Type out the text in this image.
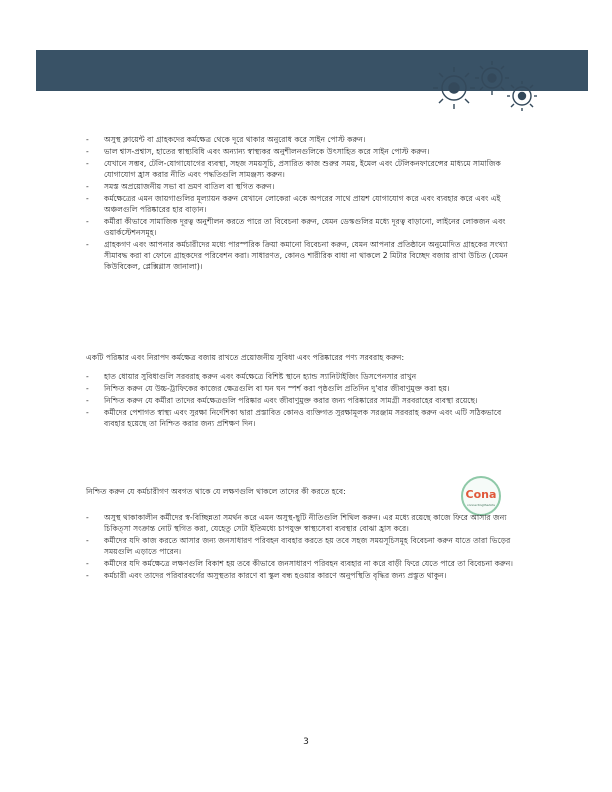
- অসুস্থ ক্লায়েন্ট বা গ্রাহকদের কর্মক্ষেত্র থেকে দূরে থাকার অনুরোধ করে সাইন পোস্ট করুন।
- ভাল শ্বাস-প্রশ্বাস, হাতের স্বাস্থ্যবিধি এবং অন্যান্য স্বাস্থ্যকর অনুশীলনগুলিকে উৎসাহিত করে সাইন পোস্ট করুন।
- যেখানে সম্ভব, টেলি-যোগাযোগের ব্যবস্থা, সহজ সময়সূচি, প্রসারিত কাজ শুরুর সময়, ইমেল এবং টেলিকনফারেন্সের মাধ্যমে সামাজিক যোগাযোগ হ্রাস করার নীতি এবং পদ্ধতিগুলি সামঞ্জস্য করুন।
- সমস্ত অপ্রয়োজনীয় সভা বা ভ্রমণ বাতিল বা স্থগিত করুন।
- কর্মক্ষেত্রের এমন জায়গাগুলির মূল্যায়ন করুন যেখানে লোকেরা একে অপরের সাথে প্রায়শ যোগাযোগ করে এবং ব্যবহার করে এবং এই অঞ্চলগুলি পরিষ্কারের হার বাড়ান।
- কর্মীরা কীভাবে সামাজিক দূরত্ব অনুশীলন করতে পারে তা বিবেচনা করুন, যেমন ডেস্কগুলির মধ্যে দূরত্ব বাড়ানো, লাইনের লোকজন এবং ওয়ার্কস্টেশনসমূহ।
- গ্রাহকগণ এবং আপনার কর্মচারীদের মধ্যে পারস্পরিক ক্রিয়া কমানো বিবেচনা করুন, যেমন আপনার প্রতিষ্ঠানে অনুমোদিত গ্রাহকের সংখ্যা সীমাবদ্ধ করা বা ফোনে গ্রাহকদের পরিবেশন করা। সাধারণত, কোনও শারীরিক বাধা না থাকলে 2 মিটার বিচ্ছেদ বজায় রাখা উচিত (যেমন কিউবিকেল, প্লেক্সিগ্লাস জানালা)।

একটি পরিষ্কার এবং নিরাপদ কর্মক্ষেত্র বজায় রাখতে প্রয়োজনীয় সুবিধা এবং পরিষ্কারের পণ্য সরবরাহ করুন:

- হাত ধোয়ার সুবিধাগুলি সরবরাহ করুন এবং কর্মক্ষেত্রে বিশিষ্ট স্থানে হ্যান্ড স্যানিটাইজিং ডিসপেনসার রাখুন
- নিশ্চিত করুন যে উচ্চ-ট্রাফিকের কাজের ক্ষেত্রগুলি বা ঘন ঘন স্পর্শ করা পৃষ্ঠগুলি প্রতিদিন দু'বার জীবাণুমুক্ত করা হয়।
- নিশ্চিত করুন যে কর্মীরা তাদের কর্মক্ষেত্রগুলি পরিষ্কার এবং জীবাণুমুক্ত করার জন্য পরিষ্কারের সামগ্রী সরবরাহের ব্যবস্থা রয়েছে।
- কর্মীদের পেশাগত স্বাস্থ্য এবং সুরক্ষা নির্দেশিকা দ্বারা প্রস্তাবিত কোনও ব্যক্তিগত সুরক্ষামূলক সরঞ্জাম সরবরাহ করুন এবং এটি সঠিকভাবে ব্যবহার হয়েছে তা নিশ্চিত করার জন্য প্রশিক্ষণ দিন।

নিশ্চিত করুন যে কর্মচারীগণ অবগত থাকে যে লক্ষণগুলি থাকলে তাদের কী করতে হবে:	Cona
connectingthedots
- অসুস্থ থাকাকালীন কর্মীদের স্ব-বিচ্ছিন্নতা সমর্থন করে এমন অসুস্থ-ছুটি নীতিগুলি শিথিল করুন। এর মধ্যে রয়েছে কাজে ফিরে আসার জন্য চিকিত্সা সংক্রান্ত নোট স্থগিত করা, যেহেতু সেটা ইতিমধ্যে চাপযুক্ত স্বাস্থ্যসেবা ব্যবস্থার বোঝা হ্রাস করে।
- কর্মীদের যদি কাজ করতে আসার জন্য জনসাধারণ পরিবহন ব্যবহার করতে হয় তবে সহজ সময়সূচিসমূহ বিবেচনা করুন যাতে তারা ভিড়ের সময়গুলি এড়াতে পারেন।
- কর্মীদের যদি কর্মক্ষেত্রে লক্ষণগুলি বিকাশ হয় তবে কীভাবে জনসাধারণ পরিবহন ব্যবহার না করে বাড়ী ফিরে যেতে পারে তা বিবেচনা করুন।
- কর্মচারী এবং তাদের পরিবারবর্গের অসুস্থতার কারণে বা স্কুল বন্ধ হওয়ার কারণে অনুপস্থিতি বৃদ্ধির জন্য প্রস্তুত থাকুন।
3
